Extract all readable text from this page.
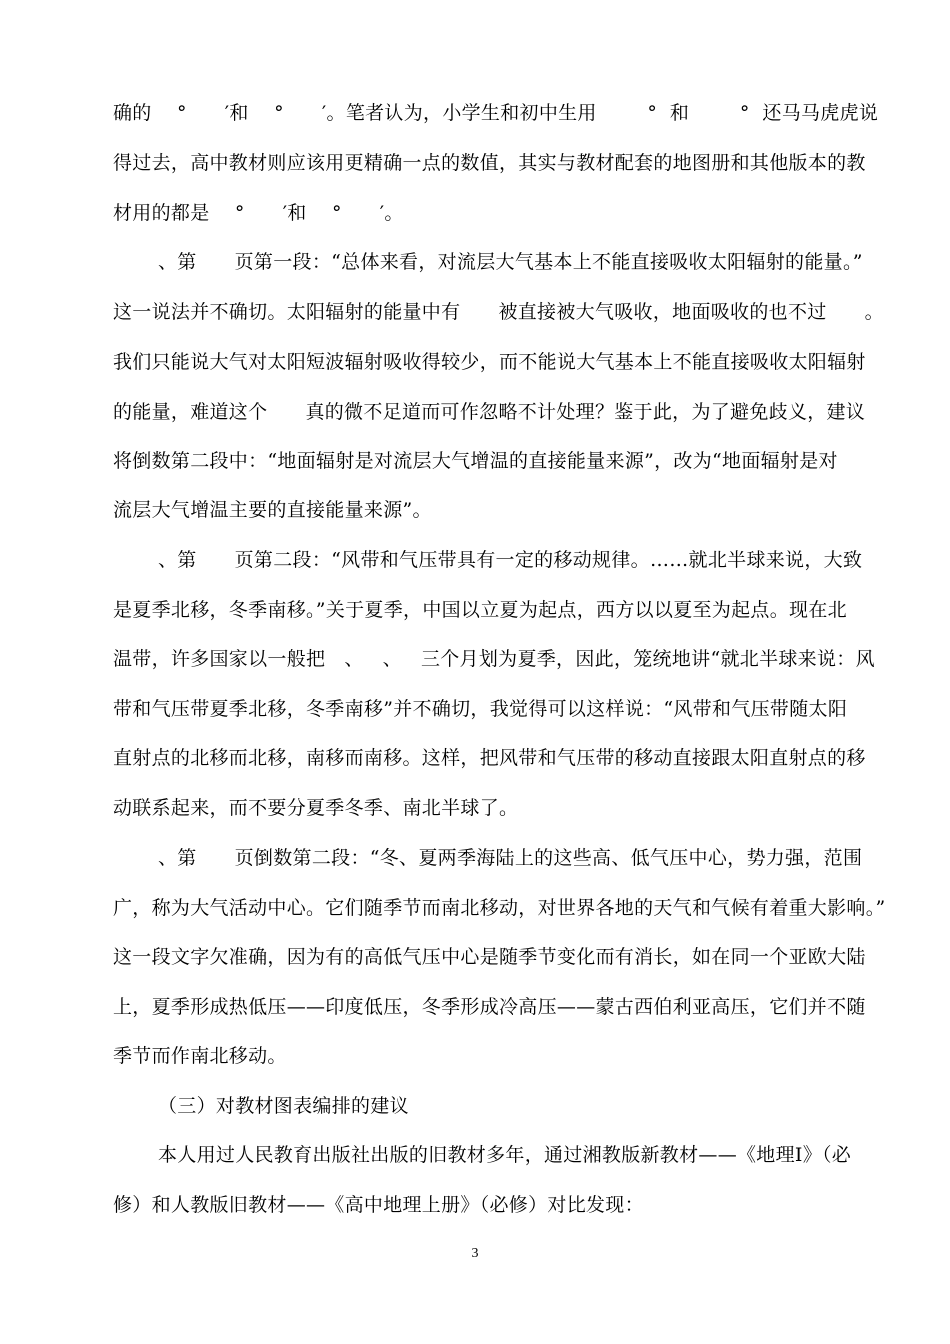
确的    °      ′和    °      ′。笔者认为，小学生和初中生用        °  和        °  还马马虎虎说
得过去，高中教材则应该用更精确一点的数值，其实与教材配套的地图册和其他版本的教
材用的都是    °      ′和    °      ′。
、第      页第一段：“总体来看，对流层大气基本上不能直接吸收太阳辐射的能量。”
这一说法并不确切。太阳辐射的能量中有      被直接被大气吸收，地面吸收的也不过      。
我们只能说大气对太阳短波辐射吸收得较少，而不能说大气基本上不能直接吸收太阳辐射
的能量，难道这个      真的微不足道而可作忽略不计处理？鉴于此，为了避免歧义，建议
将倒数第二段中：“地面辐射是对流层大气增温的直接能量来源”，改为“地面辐射是对
流层大气增温主要的直接能量来源”。
、第      页第二段：“风带和气压带具有一定的移动规律。……就北半球来说，大致
是夏季北移，冬季南移。”关于夏季，中国以立夏为起点，西方以以夏至为起点。现在北
温带，许多国家以一般把   、   、   三个月划为夏季，因此，笼统地讲“就北半球来说：风
带和气压带夏季北移，冬季南移”并不确切，我觉得可以这样说：“风带和气压带随太阳
直射点的北移而北移，南移而南移。这样，把风带和气压带的移动直接跟太阳直射点的移
动联系起来，而不要分夏季冬季、南北半球了。
、第      页倒数第二段：“冬、夏两季海陆上的这些高、低气压中心，势力强，范围
广，称为大气活动中心。它们随季节而南北移动，对世界各地的天气和气候有着重大影响。”
这一段文字欠准确，因为有的高低气压中心是随季节变化而有消长，如在同一个亚欧大陆
上，夏季形成热低压——印度低压，冬季形成冷高压——蒙古西伯利亚高压，它们并不随
季节而作南北移动。
（三）对教材图表编排的建议
本人用过人民教育出版社出版的旧教材多年，通过湘教版新教材——《地理Ⅰ》（必
修）和人教版旧教材——《高中地理上册》（必修）对比发现：
3
